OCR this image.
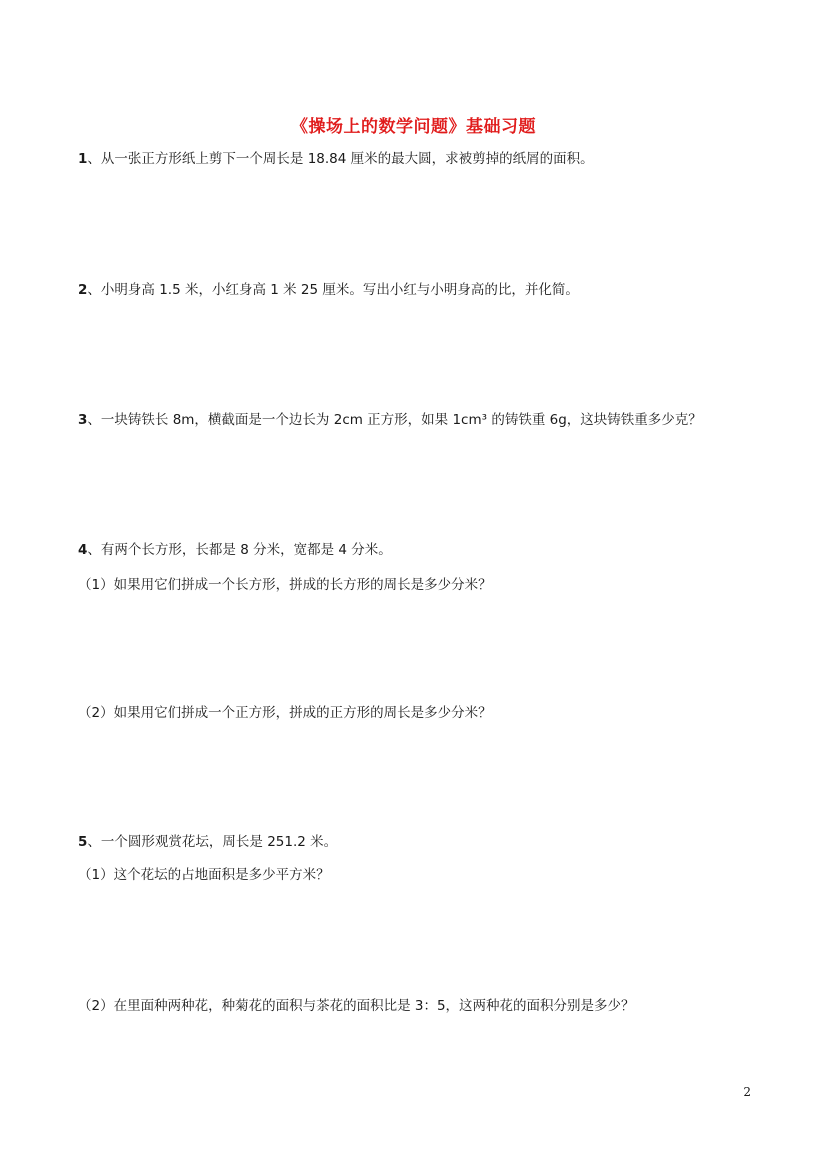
《操场上的数学问题》基础习题
1、从一张正方形纸上剪下一个周长是 18.84 厘米的最大圆，求被剪掉的纸屑的面积。
2、小明身高 1.5 米，小红身高 1 米 25 厘米。写出小红与小明身高的比，并化简。
3、一块铸铁长 8m，横截面是一个边长为 2cm 正方形，如果 1cm³ 的铸铁重 6g，这块铸铁重多少克？
4、有两个长方形，长都是 8 分米，宽都是 4 分米。
（1）如果用它们拼成一个长方形，拼成的长方形的周长是多少分米？
（2）如果用它们拼成一个正方形，拼成的正方形的周长是多少分米？
5、一个圆形观赏花坛，周长是 251.2 米。
（1）这个花坛的占地面积是多少平方米？
（2）在里面种两种花，种菊花的面积与茶花的面积比是 3：5，这两种花的面积分别是多少？
2
